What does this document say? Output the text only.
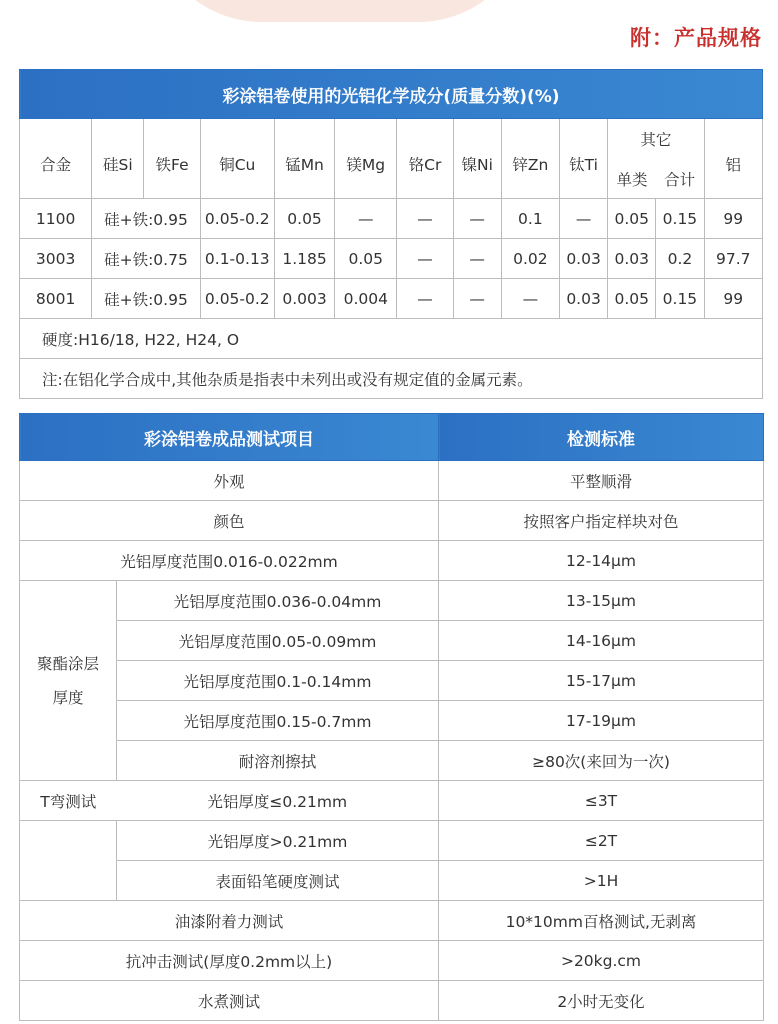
附：产品规格
彩涂铝卷使用的光铝化学成分(质量分数)(%)												
合金	硅Si	铁Fe	铜Cu	锰Mn	镁Mg	铬Cr	镍Ni	锌Zn	钛Ti	其它		铝
										单类	合计	
1100	硅+铁:0.95		0.05-0.2	0.05	—	—	—	0.1	—	0.05	0.15	99
3003	硅+铁:0.75		0.1-0.13	1.185	0.05	—	—	0.02	0.03	0.03	0.2	97.7
8001	硅+铁:0.95		0.05-0.2	0.003	0.004	—	—	—	0.03	0.05	0.15	99
硬度:H16/18, H22, H24, O												
注:在铝化学合成中,其他杂质是指表中未列出或没有规定值的金属元素。												
彩涂铝卷成品测试项目		检测标准
外观		平整顺滑
颜色		按照客户指定样块对色
光铝厚度范围0.016-0.022mm		12-14μm
聚酯涂层
厚度	光铝厚度范围0.036-0.04mm	13-15μm
	光铝厚度范围0.05-0.09mm	14-16μm
	光铝厚度范围0.1-0.14mm	15-17μm
	光铝厚度范围0.15-0.7mm	17-19μm
	耐溶剂擦拭	≥80次(来回为一次)
T弯测试	光铝厚度≤0.21mm	≤3T
	光铝厚度>0.21mm	≤2T
	表面铅笔硬度测试	>1H
油漆附着力测试		10*10mm百格测试,无剥离
抗冲击测试(厚度0.2mm以上)		>20kg.cm
水煮测试		2小时无变化
